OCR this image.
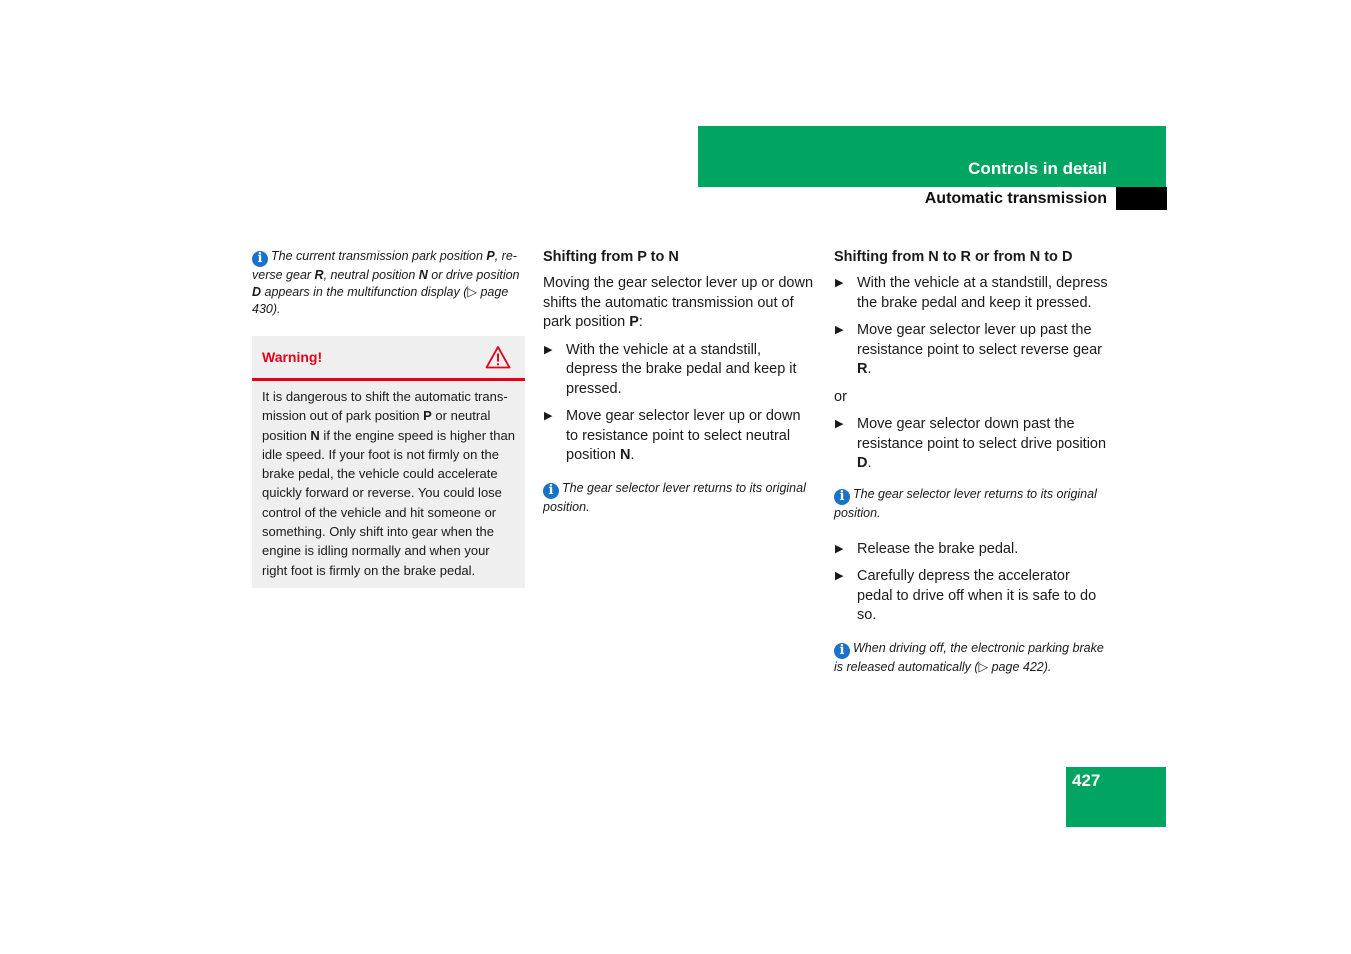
Controls in detail
Automatic transmission
i The current transmission park position P, re-verse gear R, neutral position N or drive position D appears in the multifunction display (▷ page 430).
Warning!
It is dangerous to shift the automatic trans-mission out of park position P or neutral position N if the engine speed is higher than idle speed. If your foot is not firmly on the brake pedal, the vehicle could accelerate quickly forward or reverse. You could lose control of the vehicle and hit someone or something. Only shift into gear when the engine is idling normally and when your right foot is firmly on the brake pedal.
Shifting from P to N
Moving the gear selector lever up or down shifts the automatic transmission out of park position P:
▶ With the vehicle at a standstill, depress the brake pedal and keep it pressed.
▶ Move gear selector lever up or down to resistance point to select neutral position N.
i The gear selector lever returns to its original position.
Shifting from N to R or from N to D
▶ With the vehicle at a standstill, depress the brake pedal and keep it pressed.
▶ Move gear selector lever up past the resistance point to select reverse gear R.
or
▶ Move gear selector down past the resistance point to select drive position D.
i The gear selector lever returns to its original position.
▶ Release the brake pedal.
▶ Carefully depress the accelerator pedal to drive off when it is safe to do so.
i When driving off, the electronic parking brake is released automatically (▷ page 422).
427
